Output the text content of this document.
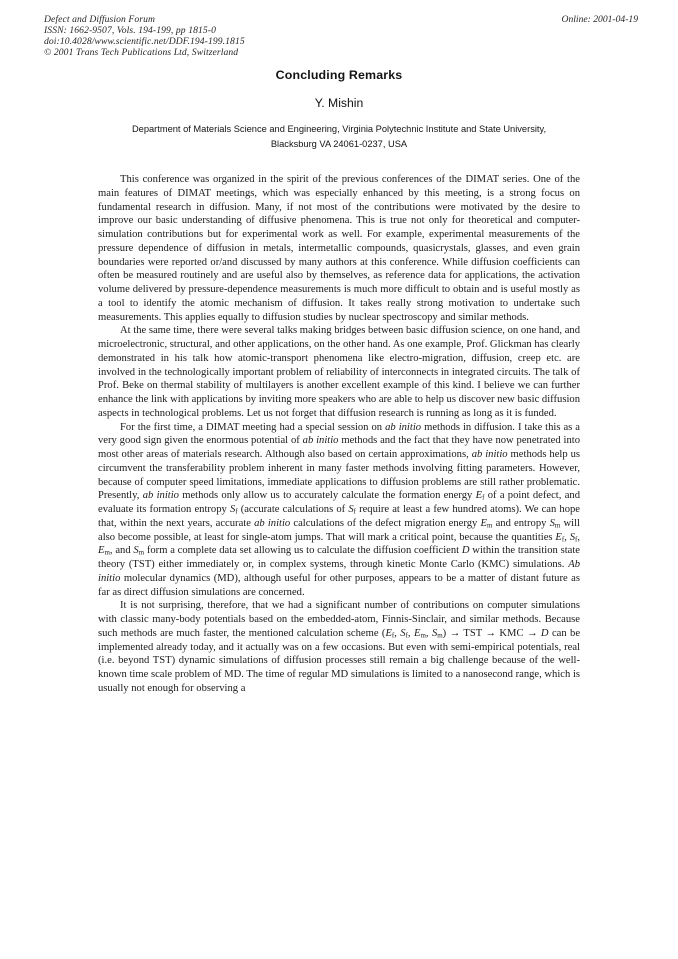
Defect and Diffusion Forum
ISSN: 1662-9507, Vols. 194-199, pp 1815-0
doi:10.4028/www.scientific.net/DDF.194-199.1815
© 2001 Trans Tech Publications Ltd, Switzerland
Online: 2001-04-19
Concluding Remarks
Y. Mishin
Department of Materials Science and Engineering, Virginia Polytechnic Institute and State University, Blacksburg VA 24061-0237, USA

This conference was organized in the spirit of the previous conferences of the DIMAT series. One of the main features of DIMAT meetings, which was especially enhanced by this meeting, is a strong focus on fundamental research in diffusion. Many, if not most of the contributions were motivated by the desire to improve our basic understanding of diffusive phenomena. This is true not only for theoretical and computer-simulation contributions but for experimental work as well. For example, experimental measurements of the pressure dependence of diffusion in metals, intermetallic compounds, quasicrystals, glasses, and even grain boundaries were reported or/and discussed by many authors at this conference. While diffusion coefficients can often be measured routinely and are useful also by themselves, as reference data for applications, the activation volume delivered by pressure-dependence measurements is much more difficult to obtain and is useful mostly as a tool to identify the atomic mechanism of diffusion. It takes really strong motivation to undertake such measurements. This applies equally to diffusion studies by nuclear spectroscopy and similar methods.

At the same time, there were several talks making bridges between basic diffusion science, on one hand, and microelectronic, structural, and other applications, on the other hand. As one example, Prof. Glickman has clearly demonstrated in his talk how atomic-transport phenomena like electro-migration, diffusion, creep etc. are involved in the technologically important problem of reliability of interconnects in integrated circuits. The talk of Prof. Beke on thermal stability of multilayers is another excellent example of this kind. I believe we can further enhance the link with applications by inviting more speakers who are able to help us discover new basic diffusion aspects in technological problems. Let us not forget that diffusion research is running as long as it is funded.

For the first time, a DIMAT meeting had a special session on ab initio methods in diffusion. I take this as a very good sign given the enormous potential of ab initio methods and the fact that they have now penetrated into most other areas of materials research. Although also based on certain approximations, ab initio methods help us circumvent the transferability problem inherent in many faster methods involving fitting parameters. However, because of computer speed limitations, immediate applications to diffusion problems are still rather problematic. Presently, ab initio methods only allow us to accurately calculate the formation energy $E_f$ of a point defect, and evaluate its formation entropy $S_f$ (accurate calculations of $S_f$ require at least a few hundred atoms). We can hope that, within the next years, accurate ab initio calculations of the defect migration energy $E_m$ and entropy $S_m$ will also become possible, at least for single-atom jumps. That will mark a critical point, because the quantities $E_f$, $S_f$, $E_m$, and $S_m$ form a complete data set allowing us to calculate the diffusion coefficient D within the transition state theory (TST) either immediately or, in complex systems, through kinetic Monte Carlo (KMC) simulations. Ab initio molecular dynamics (MD), although useful for other purposes, appears to be a matter of distant future as far as direct diffusion simulations are concerned.

It is not surprising, therefore, that we had a significant number of contributions on computer simulations with classic many-body potentials based on the embedded-atom, Finnis-Sinclair, and similar methods. Because such methods are much faster, the mentioned calculation scheme ($E_f$, $S_f$, $E_m$, $S_m$) → TST → KMC → D can be implemented already today, and it actually was on a few occasions. But even with semi-empirical potentials, real (i.e. beyond TST) dynamic simulations of diffusion processes still remain a big challenge because of the well-known time scale problem of MD. The time of regular MD simulations is limited to a nanosecond range, which is usually not enough for observing a
